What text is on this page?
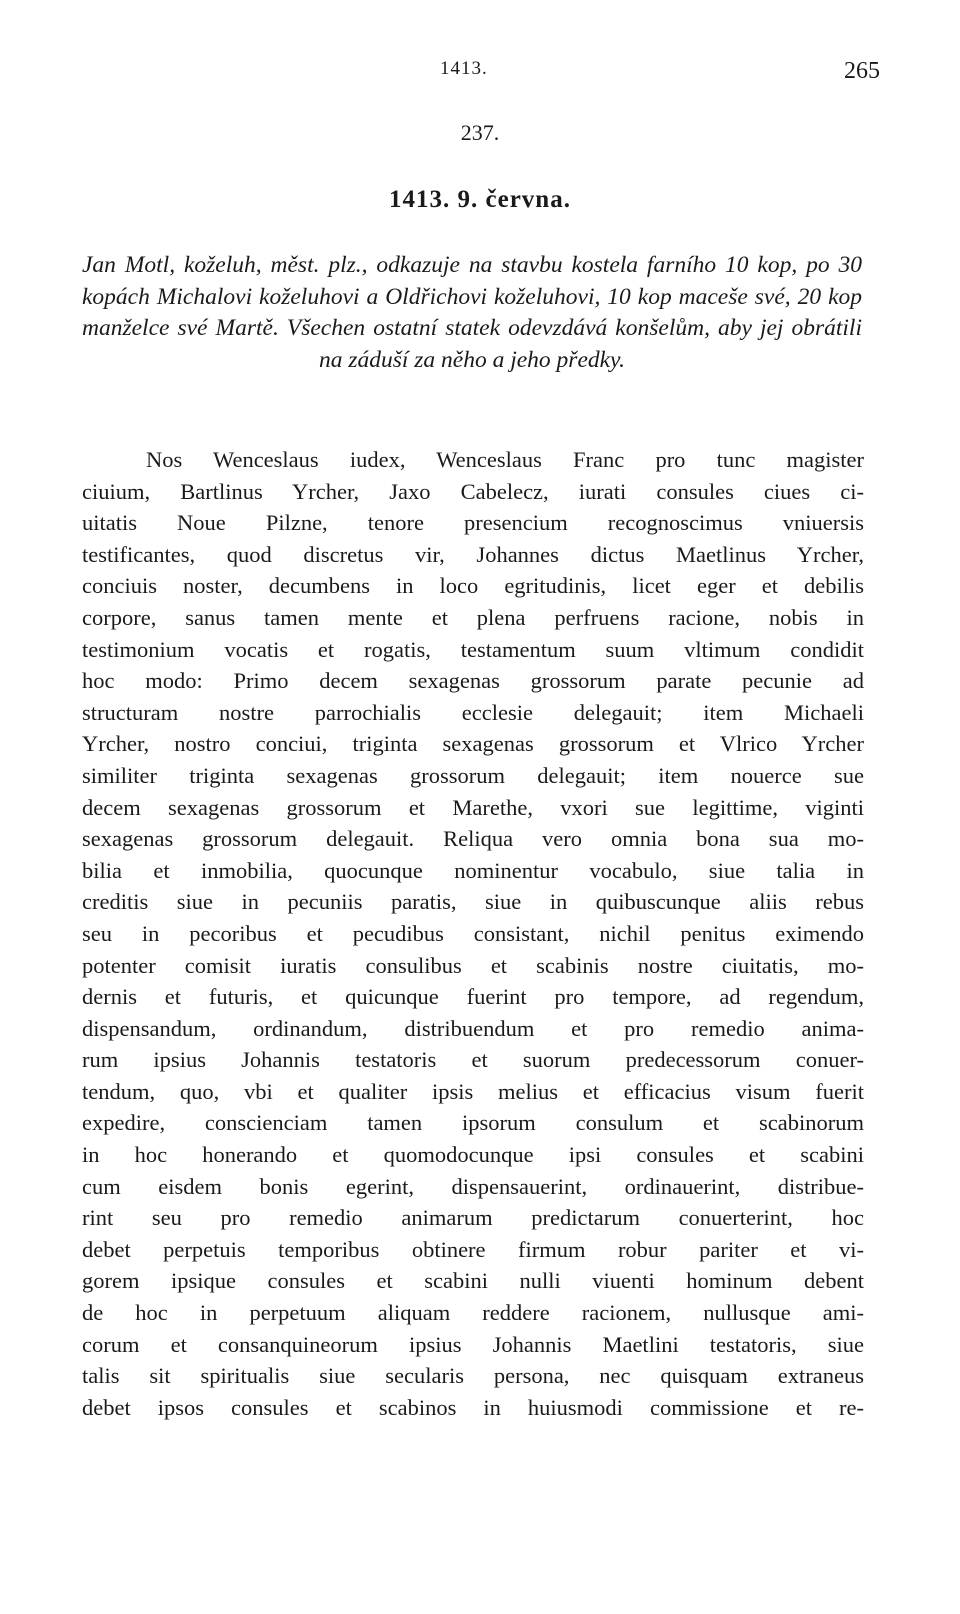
1413.	265
237.
1413. 9. června.
Jan Motl, koželuh, měst. plz., odkazuje na stavbu kostela farního 10 kop, po 30 kopách Michalovi koželuhovi a Oldřichovi koželuhovi, 10 kop maceše své, 20 kop manželce své Martě. Všechen ostatní statek odevzdává konšelům, aby jej obrátili na záduší za něho a jeho předky.
Nos Wenceslaus iudex, Wenceslaus Franc pro tunc magister
ciuium, Bartlinus Yrcher, Jaxo Cabelecz, iurati consules ciues ci-
uitatis Noue Pilzne, tenore presencium recognoscimus vniuersis
testificantes, quod discretus vir, Johannes dictus Maetlinus Yrcher,
conciuis noster, decumbens in loco egritudinis, licet eger et debilis
corpore, sanus tamen mente et plena perfruens racione, nobis in
testimonium vocatis et rogatis, testamentum suum vltimum condidit
hoc modo: Primo decem sexagenas grossorum parate pecunie ad
structuram nostre parrochialis ecclesie delegauit; item Michaeli
Yrcher, nostro conciui, triginta sexagenas grossorum et Vlrico Yrcher
similiter triginta sexagenas grossorum delegauit; item nouerce sue
decem sexagenas grossorum et Marethe, vxori sue legittime, viginti
sexagenas grossorum delegauit. Reliqua vero omnia bona sua mo-
bilia et inmobilia, quocunque nominentur vocabulo, siue talia in
creditis siue in pecuniis paratis, siue in quibuscunque aliis rebus
seu in pecoribus et pecudibus consistant, nichil penitus eximendo
potenter comisit iuratis consulibus et scabinis nostre ciuitatis, mo-
dernis et futuris, et quicunque fuerint pro tempore, ad regendum,
dispensandum, ordinandum, distribuendum et pro remedio anima-
rum ipsius Johannis testatoris et suorum predecessorum conuer-
tendum, quo, vbi et qualiter ipsis melius et efficacius visum fuerit
expedire, conscienciam tamen ipsorum consulum et scabinorum
in hoc honerando et quomodocunque ipsi consules et scabini
cum eisdem bonis egerint, dispensauerint, ordinauerint, distribue-
rint seu pro remedio animarum predictarum conuerterint, hoc
debet perpetuis temporibus obtinere firmum robur pariter et vi-
gorem ipsique consules et scabini nulli viuenti hominum debent
de hoc in perpetuum aliquam reddere racionem, nullusque ami-
corum et consanquineorum ipsius Johannis Maetlini testatoris, siue
talis sit spiritualis siue secularis persona, nec quisquam extraneus
debet ipsos consules et scabinos in huiusmodi commissione et re-
